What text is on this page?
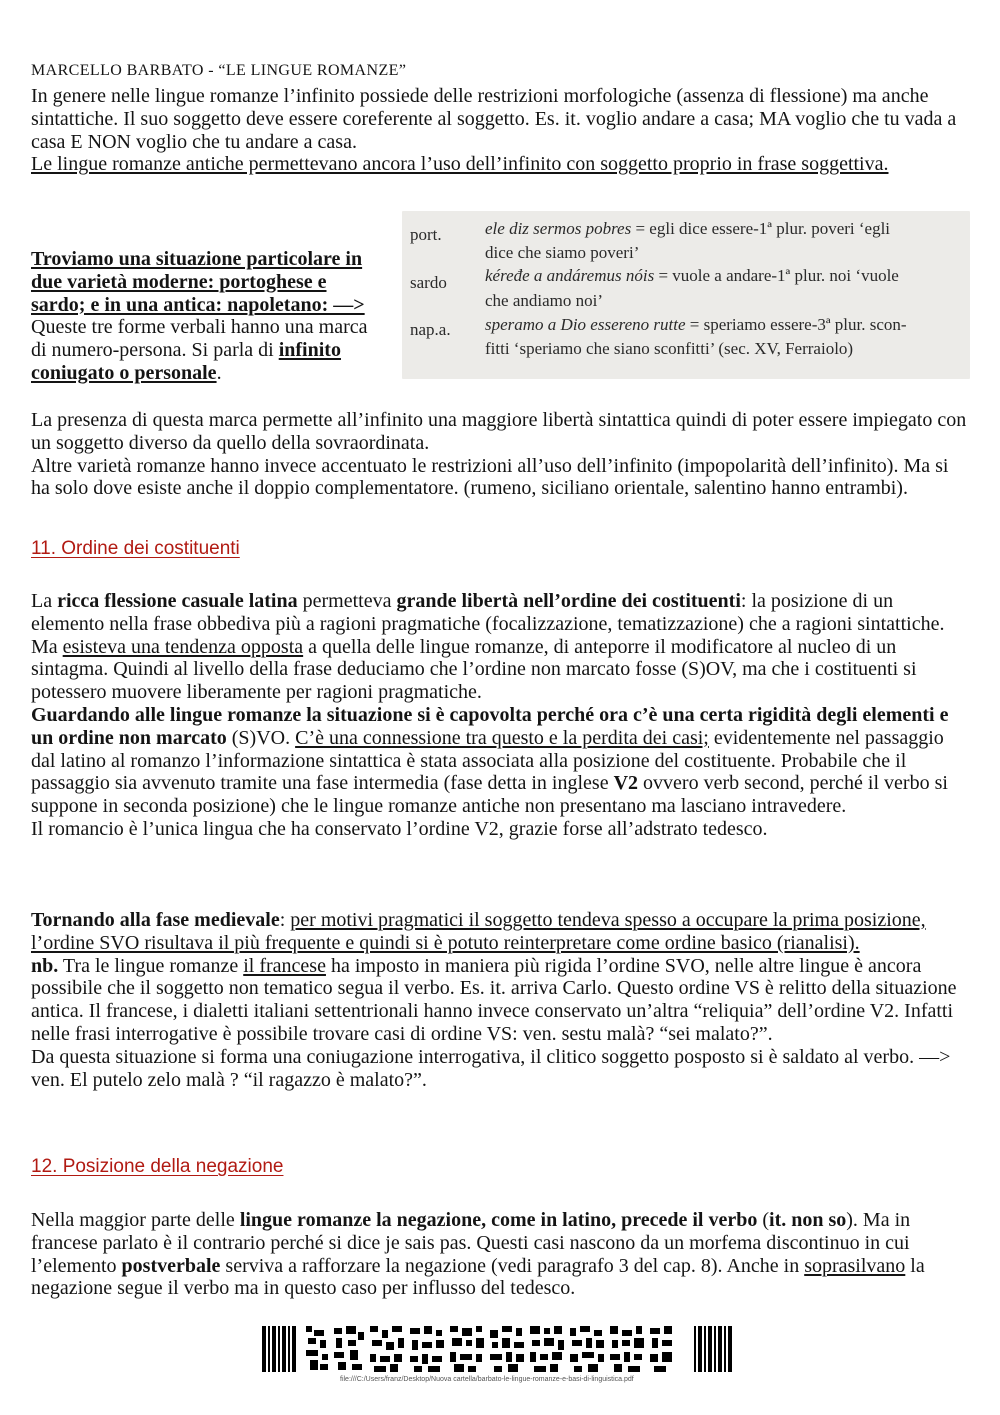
MARCELLO BARBATO - “LE LINGUE ROMANZE”
In genere nelle lingue romanze l’infinito possiede delle restrizioni morfologiche (assenza di flessione) ma anche sintattiche. Il suo soggetto deve essere coreferente al soggetto. Es. it. voglio andare a casa; MA voglio che tu vada a casa E NON voglio che tu andare a casa.
Le lingue romanze antiche permettevano ancora l’uso dell’infinito con soggetto proprio in frase soggettiva.
port.	ele diz sermos pobres = egli dice essere-1ª plur. poveri ‘egli
dice che siamo poveri’
sardo kéređe a andáremus nóis = vuole a andare-1ª plur. noi ‘vuole
che andiamo noi’
nap.a. speramo a Dio essereno rutte = speriamo essere-3ª plur. scon-
fitti ‘speriamo che siano sconfitti’ (sec. XV, Ferraiolo)
Troviamo una situazione particolare in due varietà moderne: portoghese e sardo; e in una antica: napoletano: —>
Queste tre forme verbali hanno una marca di numero-persona. Si parla di infinito coniugato o personale.
La presenza di questa marca permette all’infinito una maggiore libertà sintattica quindi di poter essere impiegato con un soggetto diverso da quello della sovraordinata.
Altre varietà romanze hanno invece accentuato le restrizioni all’uso dell’infinito (impopolarità dell’infinito). Ma si ha solo dove esiste anche il doppio complementatore. (rumeno, siciliano orientale, salentino hanno entrambi).
11. Ordine dei costituenti
La ricca flessione casuale latina permetteva grande libertà nell’ordine dei costituenti: la posizione di un elemento nella frase obbediva più a ragioni pragmatiche (focalizzazione, tematizzazione) che a ragioni sintattiche. Ma esisteva una tendenza opposta a quella delle lingue romanze, di anteporre il modificatore al nucleo di un sintagma. Quindi al livello della frase deduciamo che l’ordine non marcato fosse (S)OV, ma che i costituenti si potessero muovere liberamente per ragioni pragmatiche.
Guardando alle lingue romanze la situazione si è capovolta perché ora c’è una certa rigidità degli elementi e un ordine non marcato (S)VO. C’è una connessione tra questo e la perdita dei casi; evidentemente nel passaggio dal latino al romanzo l’informazione sintattica è stata associata alla posizione del costituente. Probabile che il passaggio sia avvenuto tramite una fase intermedia (fase detta in inglese V2 ovvero verb second, perché il verbo si suppone in seconda posizione) che le lingue romanze antiche non presentano ma lasciano intravedere.
Il romancio è l’unica lingua che ha conservato l’ordine V2, grazie forse all’adstrato tedesco.
Tornando alla fase medievale: per motivi pragmatici il soggetto tendeva spesso a occupare la prima posizione, l’ordine SVO risultava il più frequente e quindi si è potuto reinterpretare come ordine basico (rianalisi).
nb. Tra le lingue romanze il francese ha imposto in maniera più rigida l’ordine SVO, nelle altre lingue è ancora possibile che il soggetto non tematico segua il verbo. Es. it. arriva Carlo. Questo ordine VS è relitto della situazione antica. Il francese, i dialetti italiani settentrionali hanno invece conservato un’altra “reliquia” dell’ordine V2. Infatti nelle frasi interrogative è possibile trovare casi di ordine VS: ven. sestu malà? “sei malato?”.
Da questa situazione si forma una coniugazione interrogativa, il clitico soggetto posposto si è saldato al verbo. —> ven. El putelo zelo malà ? “il ragazzo è malato?”.
12. Posizione della negazione
Nella maggior parte delle lingue romanze la negazione, come in latino, precede il verbo (it. non so). Ma in francese parlato è il contrario perché si dice je sais pas. Questi casi nascono da un morfema discontinuo in cui l’elemento postverbale serviva a rafforzare la negazione (vedi paragrafo 3 del cap. 8). Anche in soprasilvano la negazione segue il verbo ma in questo caso per influsso del tedesco.
file:///C:/Users/franz/Desktop/Nuova cartella/barbato-le-lingue-romanze-e-basi-di-linguistica.pdf
